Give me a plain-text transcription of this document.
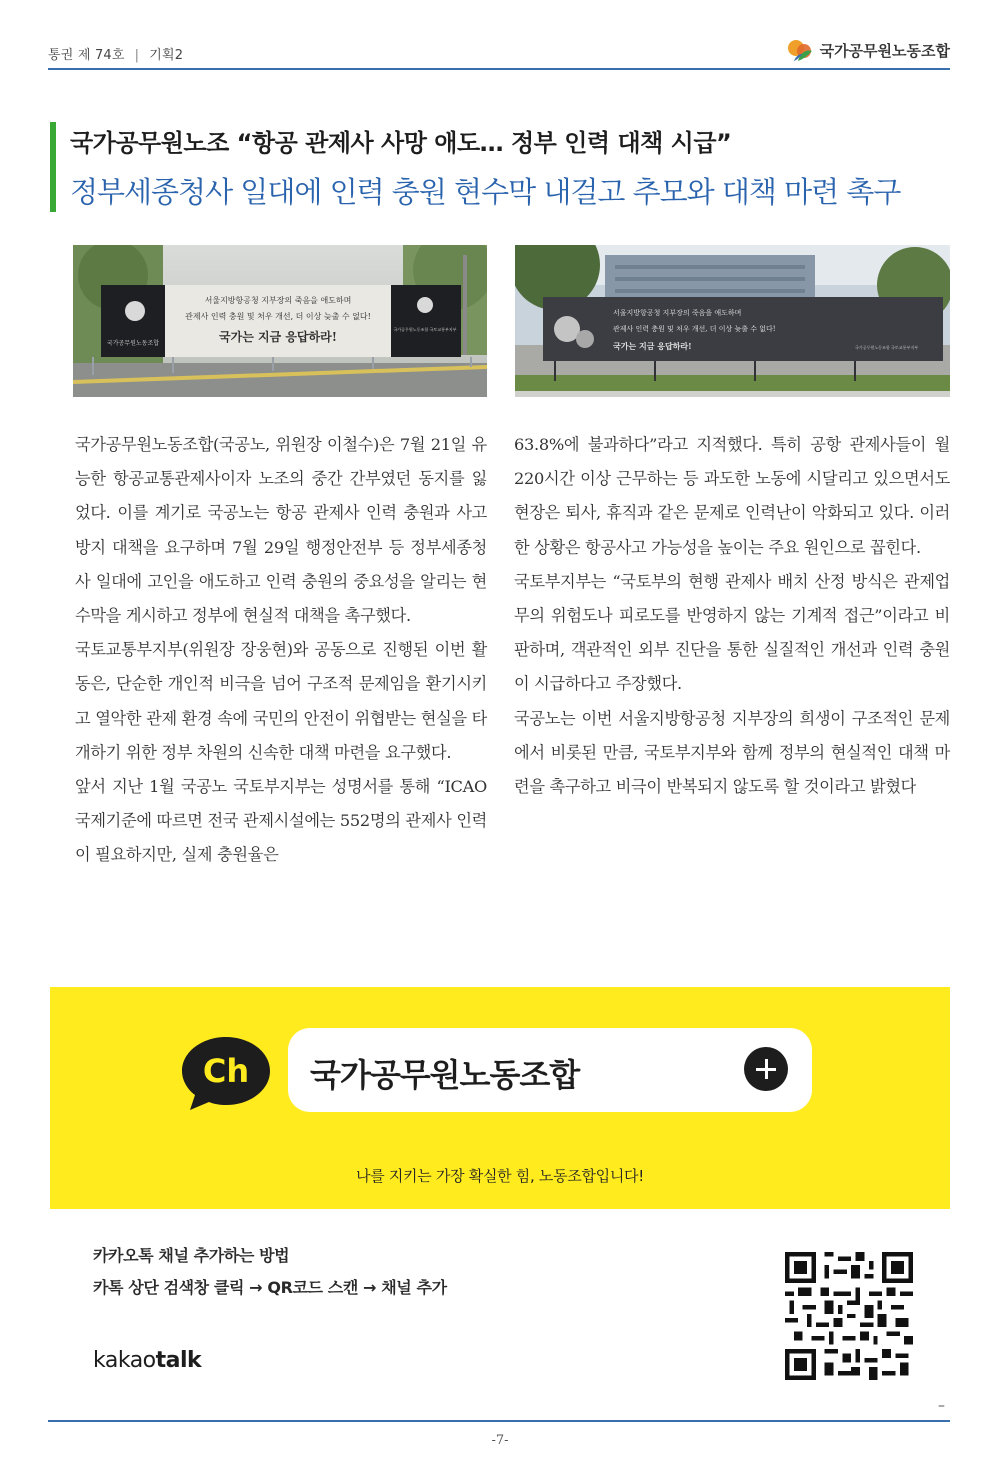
통권 제 74호 | 기획2	국가공무원노동조합
국가공무원노조 “항공 관제사 사망 애도… 정부 인력 대책 시급”
정부세종청사 일대에 인력 충원 현수막 내걸고 추모와 대책 마련 촉구
서울지방항공청 지부장의 죽음을 애도하며
관제사 인력 충원 및 처우 개선, 더 이상 늦출 수 없다!
국가는 지금 응답하라!
국가공무원노동조합
국가공무원노동조합 국토교통부지부
서울지방항공청 지부장의 죽음을 애도하며
관제사 인력 충원 및 처우 개선, 더 이상 늦출 수 없다!
국가는 지금 응답하라!	국가공무원노동조합 국토교통부지부

국가공무원노동조합(국공노, 위원장 이철수)은 7월 21일 유능한 항공교통관제사이자 노조의 중간 간부였던 동지를 잃었다. 이를 계기로 국공노는 항공 관제사 인력 충원과 사고 방지 대책을 요구하며 7월 29일 행정안전부 등 정부세종청사 일대에 고인을 애도하고 인력 충원의 중요성을 알리는 현수막을 게시하고 정부에 현실적 대책을 촉구했다.

국토교통부지부(위원장 장웅현)와 공동으로 진행된 이번 활동은, 단순한 개인적 비극을 넘어 구조적 문제임을 환기시키고 열악한 관제 환경 속에 국민의 안전이 위협받는 현실을 타개하기 위한 정부 차원의 신속한 대책 마련을 요구했다.

앞서 지난 1월 국공노 국토부지부는 성명서를 통해 “ICAO 국제기준에 따르면 전국 관제시설에는 552명의 관제사 인력이 필요하지만, 실제 충원율은

63.8%에 불과하다”라고 지적했다. 특히 공항 관제사들이 월 220시간 이상 근무하는 등 과도한 노동에 시달리고 있으면서도 현장은 퇴사, 휴직과 같은 문제로 인력난이 악화되고 있다. 이러한 상황은 항공사고 가능성을 높이는 주요 원인으로 꼽힌다.

국토부지부는 “국토부의 현행 관제사 배치 산정 방식은 관제업무의 위험도나 피로도를 반영하지 않는 기계적 접근”이라고 비판하며, 객관적인 외부 진단을 통한 실질적인 개선과 인력 충원이 시급하다고 주장했다.

국공노는 이번 서울지방항공청 지부장의 희생이 구조적인 문제에서 비롯된 만큼, 국토부지부와 함께 정부의 현실적인 대책 마련을 촉구하고 비극이 반복되지 않도록 할 것이라고 밝혔다

Ch 국가공무원노동조합
나를 지키는 가장 확실한 힘, 노동조합입니다!
카카오톡 채널 추가하는 방법
카톡 상단 검색창 클릭 → QR코드 스캔 → 채널 추가
kakaotalk
–
-7-
